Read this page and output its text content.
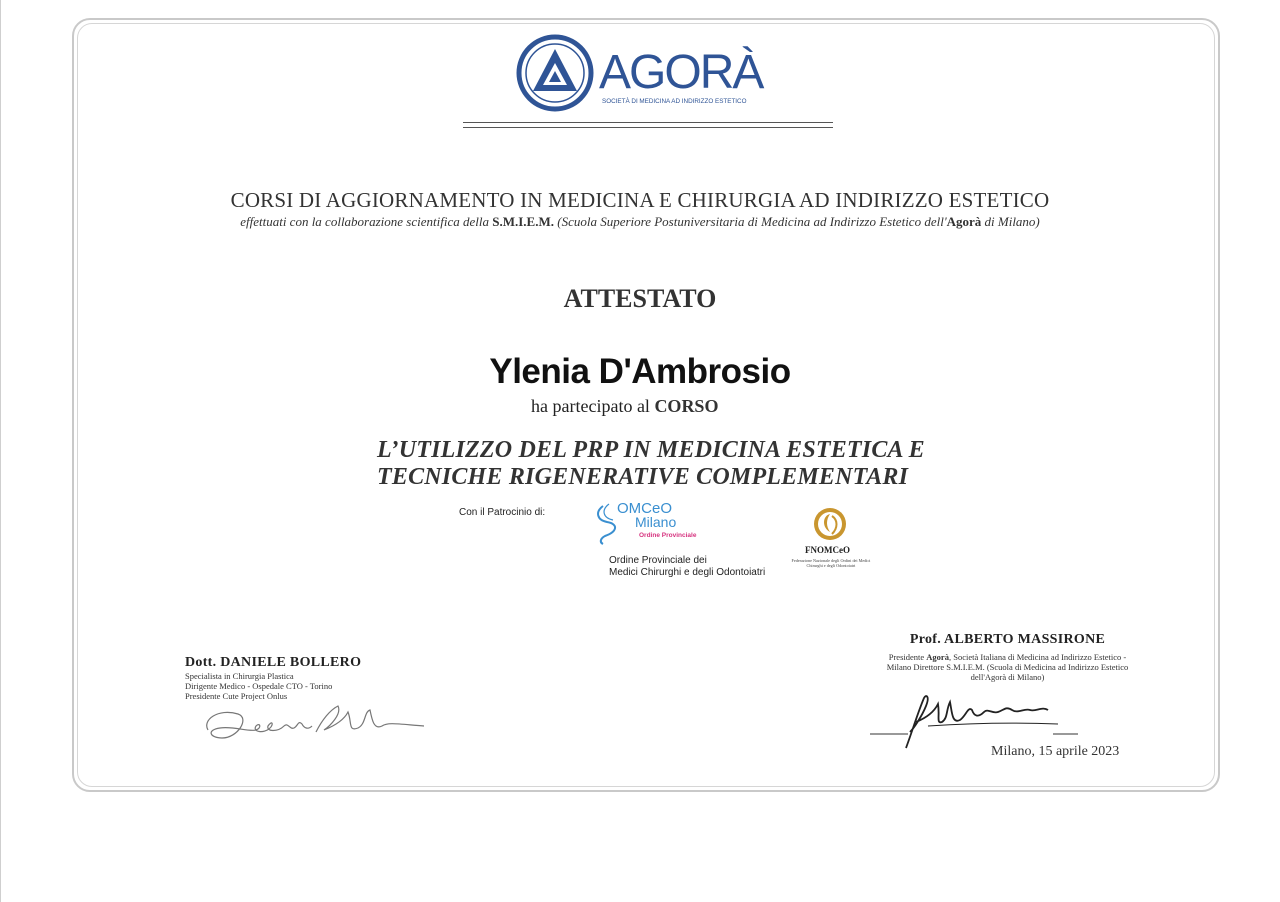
AGORÀ
SOCIETÀ DI MEDICINA AD INDIRIZZO ESTETICO
CORSI DI AGGIORNAMENTO IN MEDICINA E CHIRURGIA AD INDIRIZZO ESTETICO
effettuati con la collaborazione scientifica della S.M.I.E.M. (Scuola Superiore Postuniversitaria di Medicina ad Indirizzo Estetico dell'Agorà di Milano)
ATTESTATO
Ylenia D'Ambrosio
ha partecipato al CORSO
L’UTILIZZO DEL PRP IN MEDICINA ESTETICA E
TECNICHE RIGENERATIVE COMPLEMENTARI
Con il Patrocinio di:	OMCeO
Milano
Ordine Provinciale
Ordine Provinciale dei
Medici Chirurghi e degli Odontoiatri
FNOMCeO
Federazione Nazionale degli Ordini dei Medici Chirurghi e degli Odontoiatri
Dott. DANIELE BOLLERO
Specialista in Chirurgia Plastica
Dirigente Medico - Ospedale CTO - Torino
Presidente Cute Project Onlus
Prof. ALBERTO MASSIRONE
Presidente Agorà, Società Italiana di Medicina ad Indirizzo Estetico - Milano Direttore S.M.I.E.M. (Scuola di Medicina ad Indirizzo Estetico dell'Agorà di Milano)
Milano, 15 aprile 2023
